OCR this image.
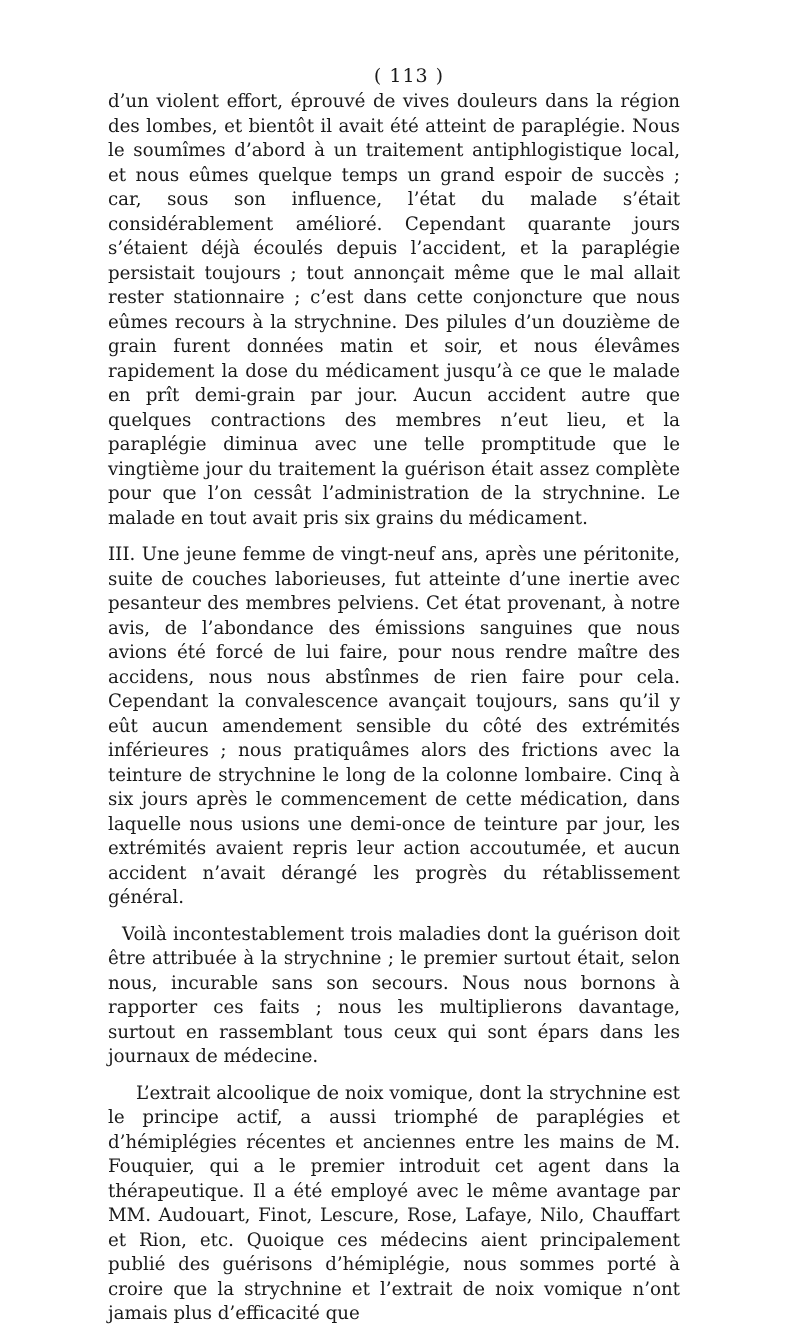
( 113 )

d’un violent effort, éprouvé de vives douleurs dans la région des lombes, et bientôt il avait été atteint de paraplégie. Nous le soumîmes d’abord à un traitement antiphlogistique local, et nous eûmes quelque temps un grand espoir de succès ; car, sous son influence, l’état du malade s’était considérablement amélioré. Cependant quarante jours s’étaient déjà écoulés depuis l’accident, et la paraplégie persistait toujours ; tout annonçait même que le mal allait rester stationnaire ; c’est dans cette conjoncture que nous eûmes recours à la strychnine. Des pilules d’un douzième de grain furent données matin et soir, et nous élevâmes rapidement la dose du médicament jusqu’à ce que le malade en prît demi-grain par jour. Aucun accident autre que quelques contractions des membres n’eut lieu, et la paraplégie diminua avec une telle promptitude que le vingtième jour du traitement la guérison était assez complète pour que l’on cessât l’administration de la strychnine. Le malade en tout avait pris six grains du médicament.

III. Une jeune femme de vingt-neuf ans, après une péritonite, suite de couches laborieuses, fut atteinte d’une inertie avec pesanteur des membres pelviens. Cet état provenant, à notre avis, de l’abondance des émissions sanguines que nous avions été forcé de lui faire, pour nous rendre maître des accidens, nous nous abstînmes de rien faire pour cela. Cependant la convalescence avançait toujours, sans qu’il y eût aucun amendement sensible du côté des extrémités inférieures ; nous pratiquâmes alors des frictions avec la teinture de strychnine le long de la colonne lombaire. Cinq à six jours après le commencement de cette médication, dans laquelle nous usions une demi-once de teinture par jour, les extrémités avaient repris leur action accoutumée, et aucun accident n’avait dérangé les progrès du rétablissement général.

Voilà incontestablement trois maladies dont la guérison doit être attribuée à la strychnine ; le premier surtout était, selon nous, incurable sans son secours. Nous nous bornons à rapporter ces faits ; nous les multiplierons davantage, surtout en rassemblant tous ceux qui sont épars dans les journaux de médecine.

L’extrait alcoolique de noix vomique, dont la strychnine est le principe actif, a aussi triomphé de paraplégies et d’hémiplégies récentes et anciennes entre les mains de M. Fouquier, qui a le premier introduit cet agent dans la thérapeutique. Il a été employé avec le même avantage par MM. Audouart, Finot, Lescure, Rose, Lafaye, Nilo, Chauffart et Rion, etc. Quoique ces médecins aient principalement publié des guérisons d’hémiplégie, nous sommes porté à croire que la strychnine et l’extrait de noix vomique n’ont jamais plus d’efficacité que
